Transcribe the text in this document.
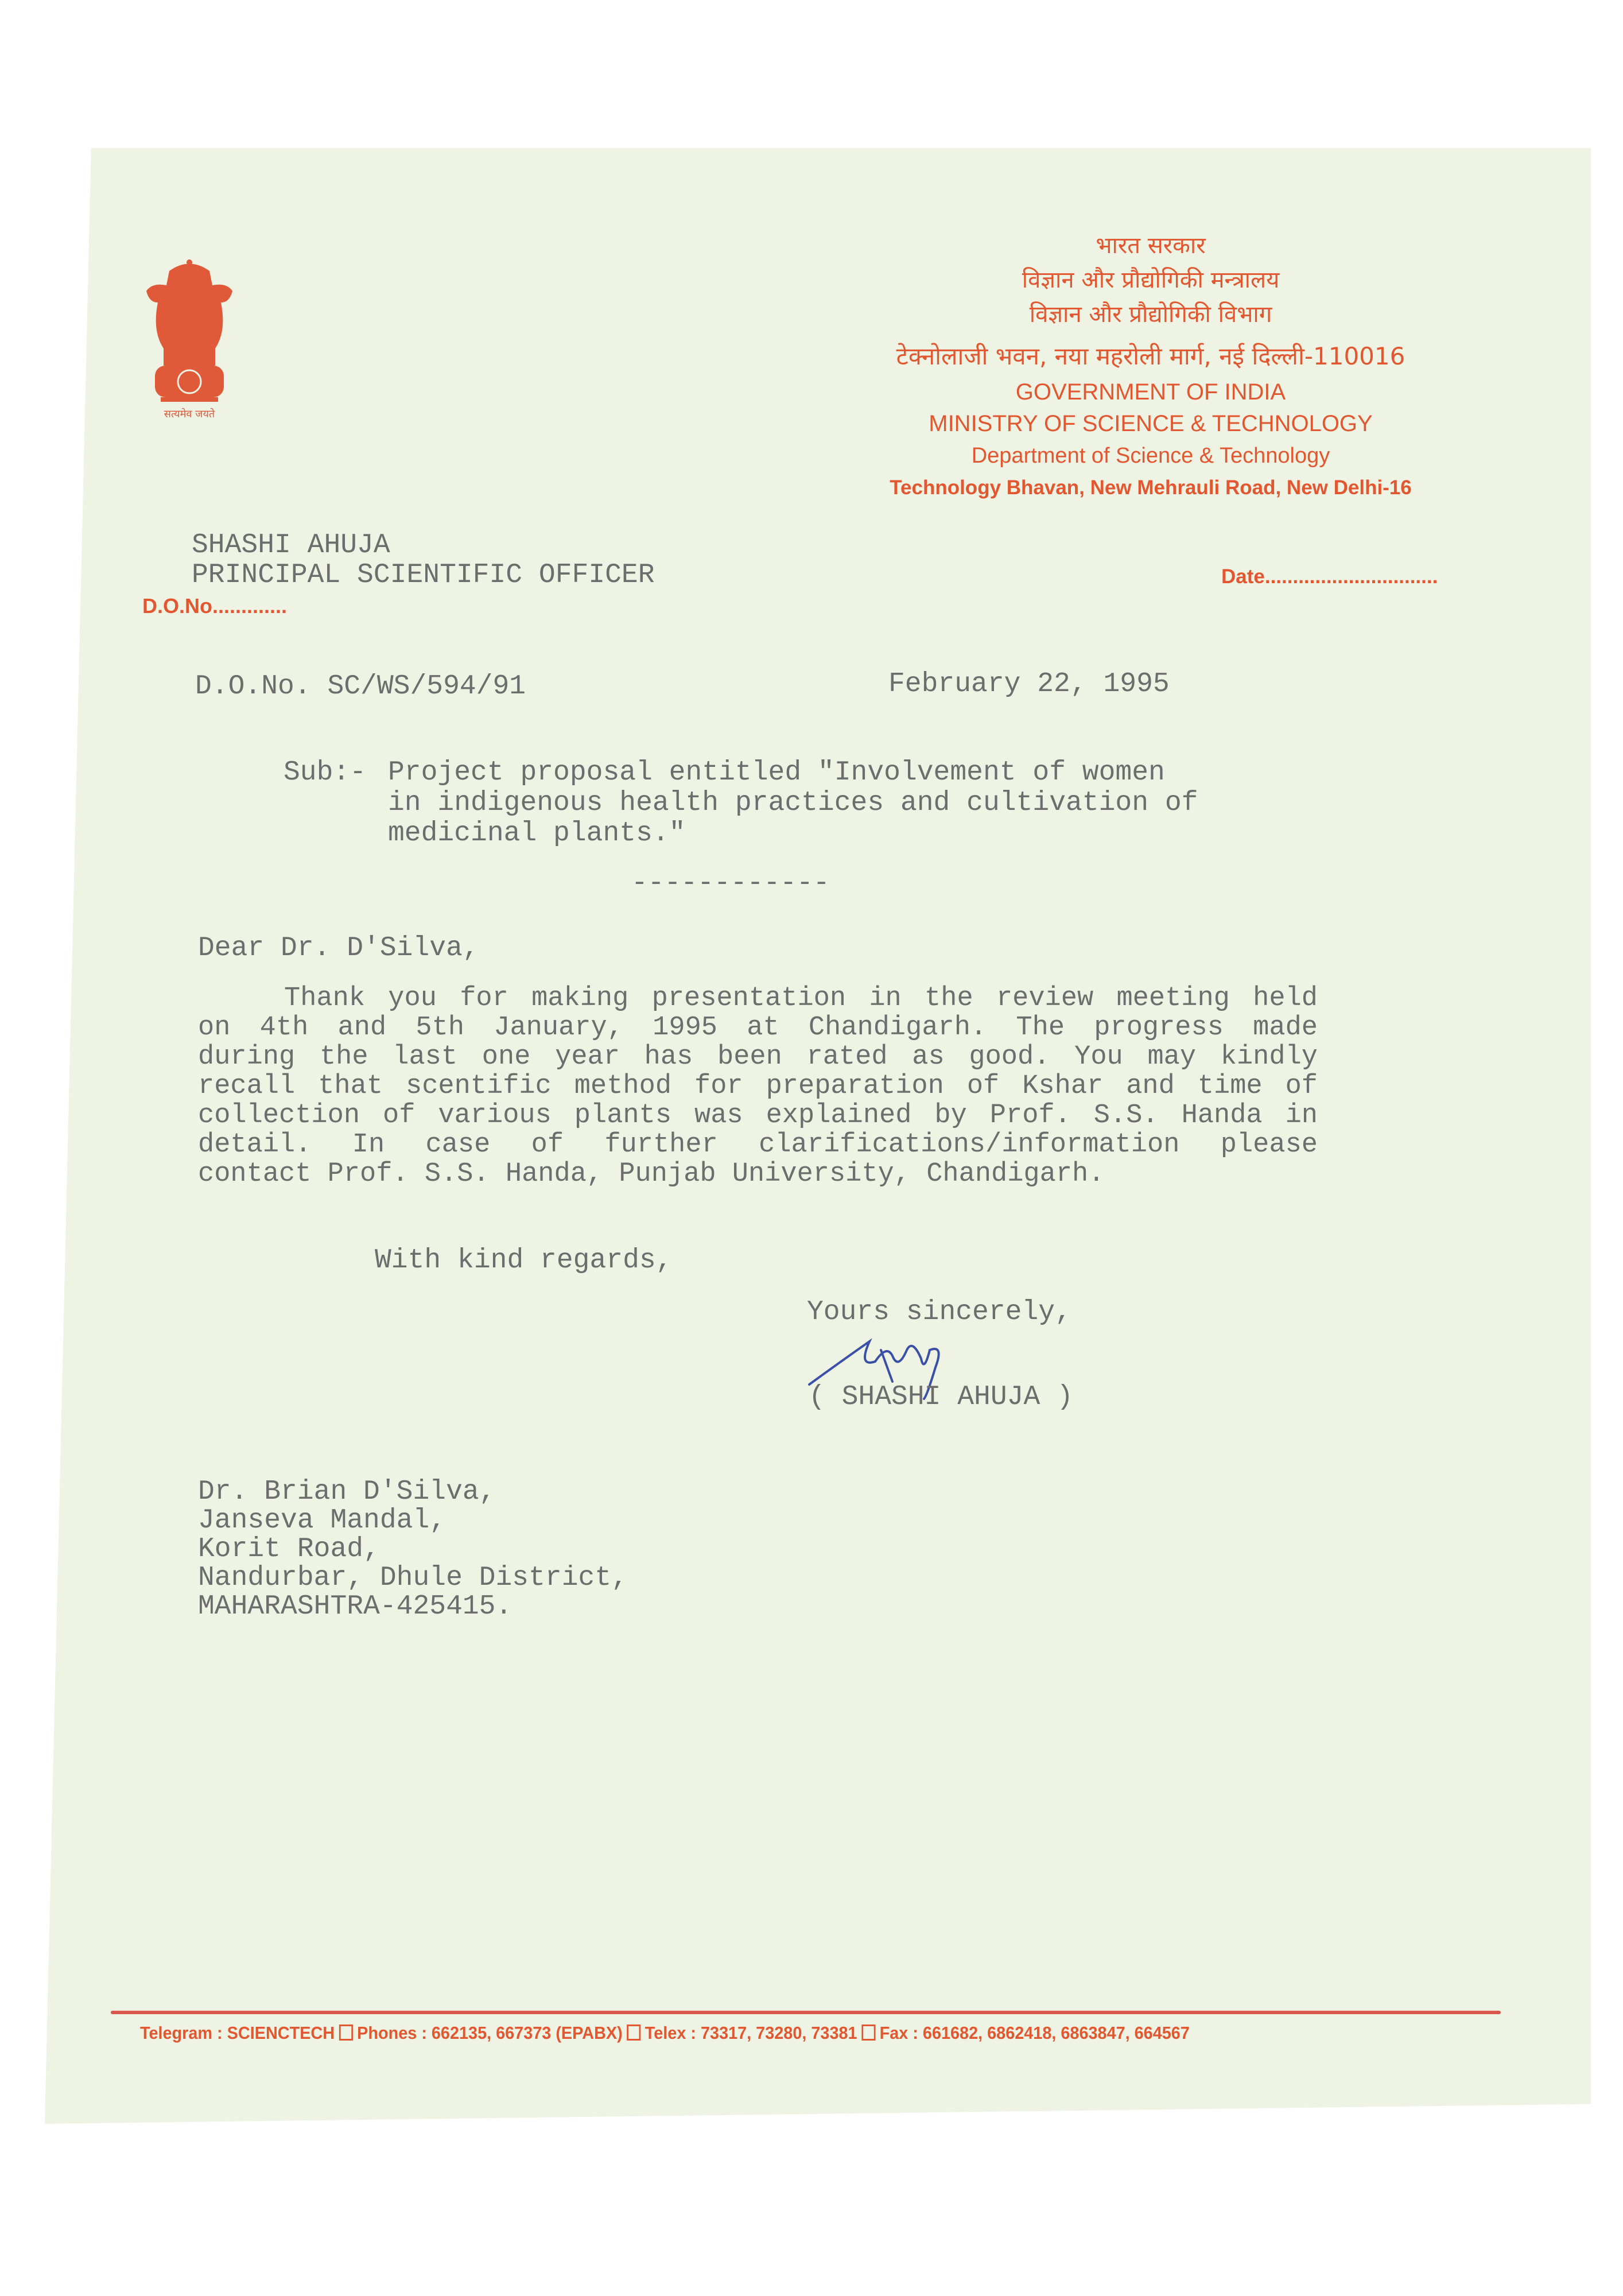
सत्यमेव जयते
भारत सरकार
विज्ञान और प्रौद्योगिकी मन्त्रालय
विज्ञान और प्रौद्योगिकी विभाग
टेक्नोलाजी भवन, नया महरोली मार्ग, नई दिल्ली-110016
GOVERNMENT OF INDIA
MINISTRY OF SCIENCE & TECHNOLOGY
Department of Science & Technology
Technology Bhavan, New Mehrauli Road, New Delhi-16
SHASHI AHUJA
PRINCIPAL SCIENTIFIC OFFICER
D.O.No.............
Date...............................
D.O.No. SC/WS/594/91	February 22, 1995
Sub:- Project proposal entitled "Involvement of women
in indigenous health practices and cultivation of
medicinal plants."
------------
Dear Dr. D'Silva,
Thank you for making presentation in the review meeting held
on 4th and 5th January, 1995 at Chandigarh. The progress made
during the last one year has been rated as good. You may kindly
recall that scentific method for preparation of Kshar and time of
collection of various plants was explained by Prof. S.S. Handa in
detail. In case of further clarifications/information please
contact Prof. S.S. Handa, Punjab University, Chandigarh.
With kind regards,
Yours sincerely,
( SHASHI AHUJA )
Dr. Brian D'Silva,
Janseva Mandal,
Korit Road,
Nandurbar, Dhule District,
MAHARASHTRA-425415.
Telegram : SCIENCTECH Phones : 662135, 667373 (EPABX) Telex : 73317, 73280, 73381 Fax : 661682, 6862418, 6863847, 664567
